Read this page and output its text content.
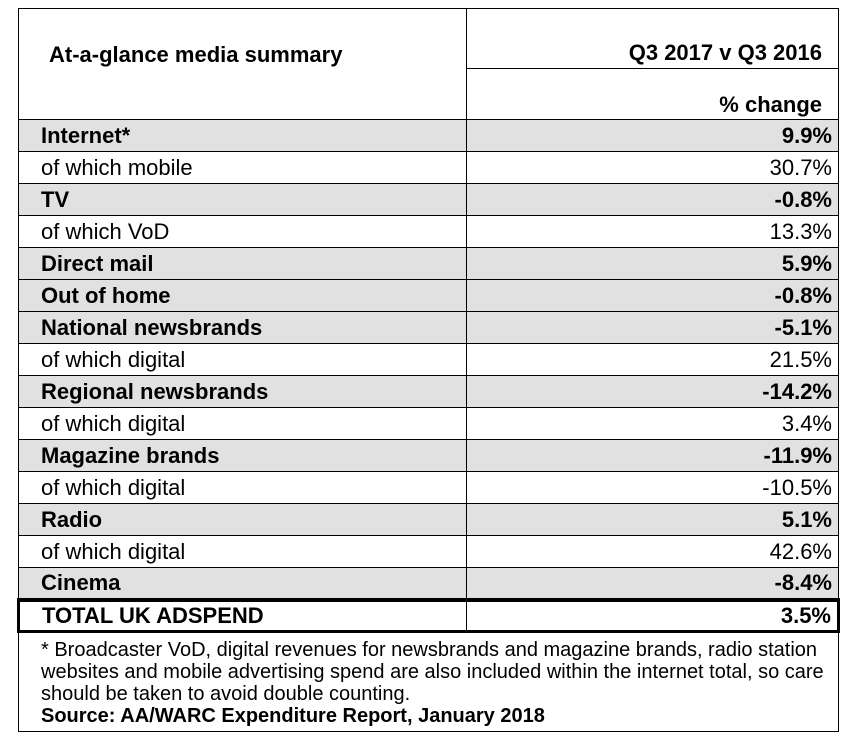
At-a-glance media summary	Q3 2017 v Q3 2016
% change

Internet*	9.9%
of which mobile	30.7%
TV	-0.8%
of which VoD	13.3%
Direct mail	5.9%
Out of home	-0.8%
National newsbrands	-5.1%
of which digital	21.5%
Regional newsbrands	-14.2%
of which digital	3.4%
Magazine brands	-11.9%
of which digital	-10.5%
Radio	5.1%
of which digital	42.6%
Cinema	-8.4%
TOTAL UK ADSPEND	3.5%

* Broadcaster VoD, digital revenues for newsbrands and magazine brands, radio station websites and mobile advertising spend are also included within the internet total, so care should be taken to avoid double counting.
Source: AA/WARC Expenditure Report, January 2018	
